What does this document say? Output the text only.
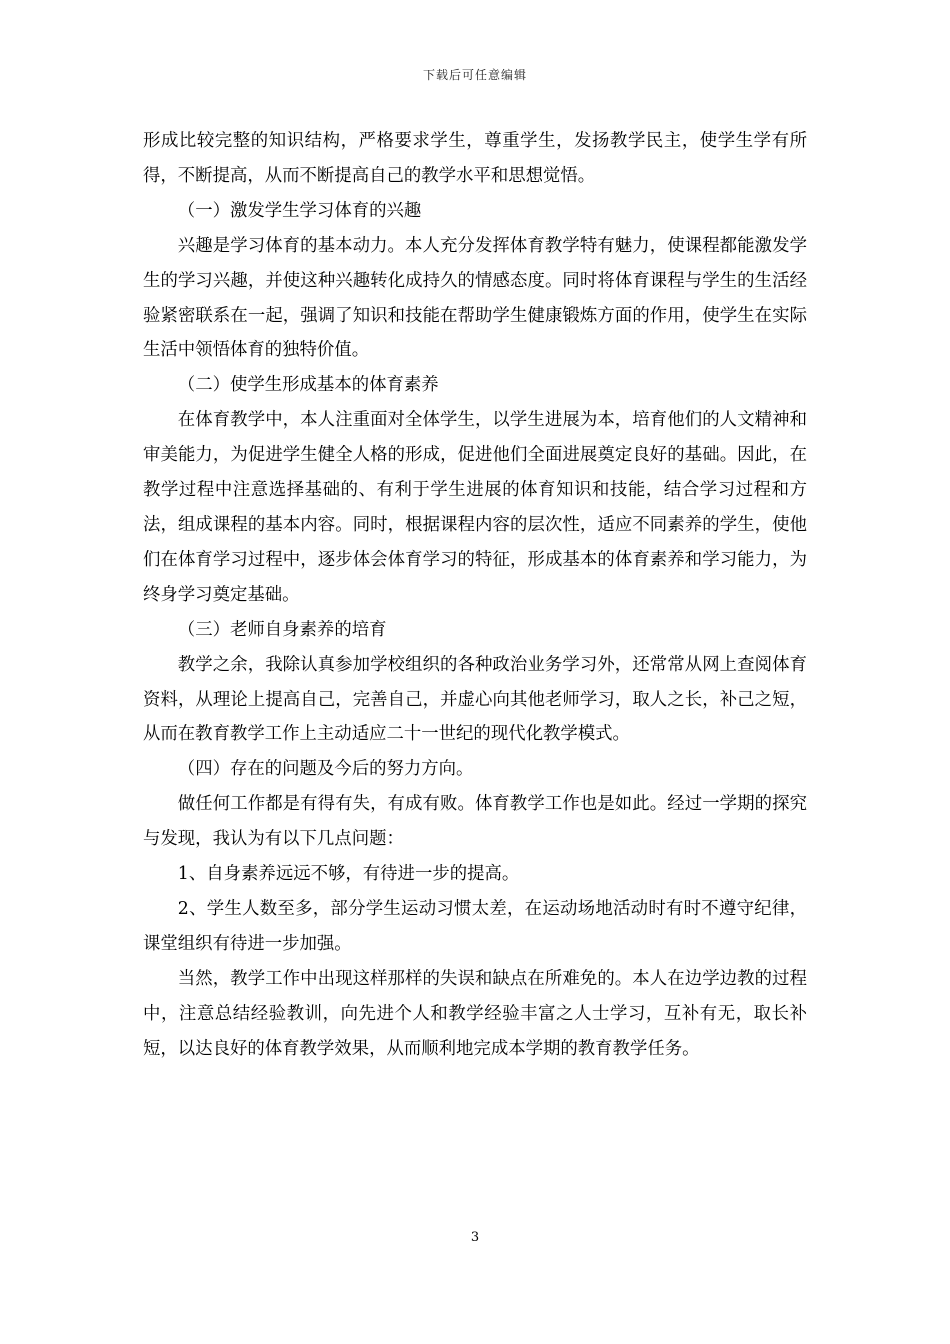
下载后可任意编辑

形成比较完整的知识结构，严格要求学生，尊重学生，发扬教学民主，使学生学有所得，不断提高，从而不断提高自己的教学水平和思想觉悟。

（一）激发学生学习体育的兴趣

兴趣是学习体育的基本动力。本人充分发挥体育教学特有魅力，使课程都能激发学生的学习兴趣，并使这种兴趣转化成持久的情感态度。同时将体育课程与学生的生活经验紧密联系在一起，强调了知识和技能在帮助学生健康锻炼方面的作用，使学生在实际生活中领悟体育的独特价值。

（二）使学生形成基本的体育素养

在体育教学中，本人注重面对全体学生，以学生进展为本，培育他们的人文精神和审美能力，为促进学生健全人格的形成，促进他们全面进展奠定良好的基础。因此，在教学过程中注意选择基础的、有利于学生进展的体育知识和技能，结合学习过程和方法，组成课程的基本内容。同时，根据课程内容的层次性，适应不同素养的学生，使他们在体育学习过程中，逐步体会体育学习的特征，形成基本的体育素养和学习能力，为终身学习奠定基础。

（三）老师自身素养的培育

教学之余，我除认真参加学校组织的各种政治业务学习外，还常常从网上查阅体育资料，从理论上提高自己，完善自己，并虚心向其他老师学习，取人之长，补己之短，从而在教育教学工作上主动适应二十一世纪的现代化教学模式。

（四）存在的问题及今后的努力方向。

做任何工作都是有得有失，有成有败。体育教学工作也是如此。经过一学期的探究与发现，我认为有以下几点问题：

1、自身素养远远不够，有待进一步的提高。

2、学生人数至多，部分学生运动习惯太差，在运动场地活动时有时不遵守纪律，课堂组织有待进一步加强。

当然，教学工作中出现这样那样的失误和缺点在所难免的。本人在边学边教的过程中，注意总结经验教训，向先进个人和教学经验丰富之人士学习，互补有无，取长补短，以达良好的体育教学效果，从而顺利地完成本学期的教育教学任务。

3
